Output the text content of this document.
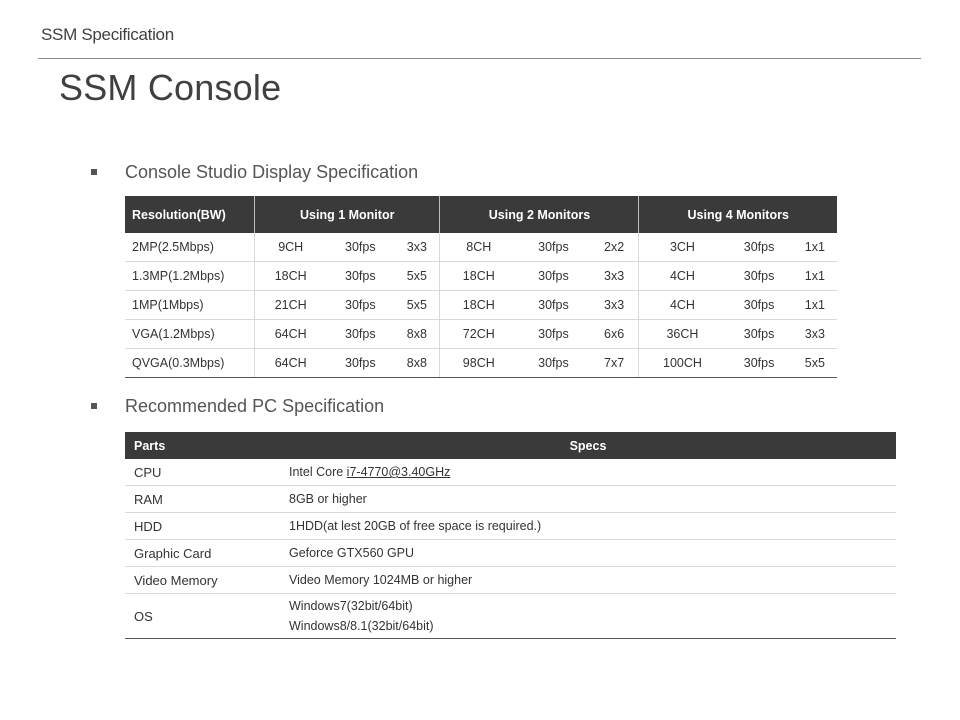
SSM Specification
SSM Console
Console Studio Display Specification
Resolution(BW)	Using 1 Monitor			Using 2 Monitors			Using 4 Monitors		
2MP(2.5Mbps)	9CH	30fps	3x3	8CH	30fps	2x2	3CH	30fps	1x1
1.3MP(1.2Mbps)	18CH	30fps	5x5	18CH	30fps	3x3	4CH	30fps	1x1
1MP(1Mbps)	21CH	30fps	5x5	18CH	30fps	3x3	4CH	30fps	1x1
VGA(1.2Mbps)	64CH	30fps	8x8	72CH	30fps	6x6	36CH	30fps	3x3
QVGA(0.3Mbps)	64CH	30fps	8x8	98CH	30fps	7x7	100CH	30fps	5x5
Recommended PC Specification
Parts	Specs
CPU	Intel Core i7-4770@3.40GHz
RAM	8GB or higher
HDD	1HDD(at lest 20GB of free space is required.)
Graphic Card	Geforce GTX560 GPU
Video Memory	Video Memory 1024MB or higher
OS	Windows7(32bit/64bit)
Windows8/8.1(32bit/64bit)
